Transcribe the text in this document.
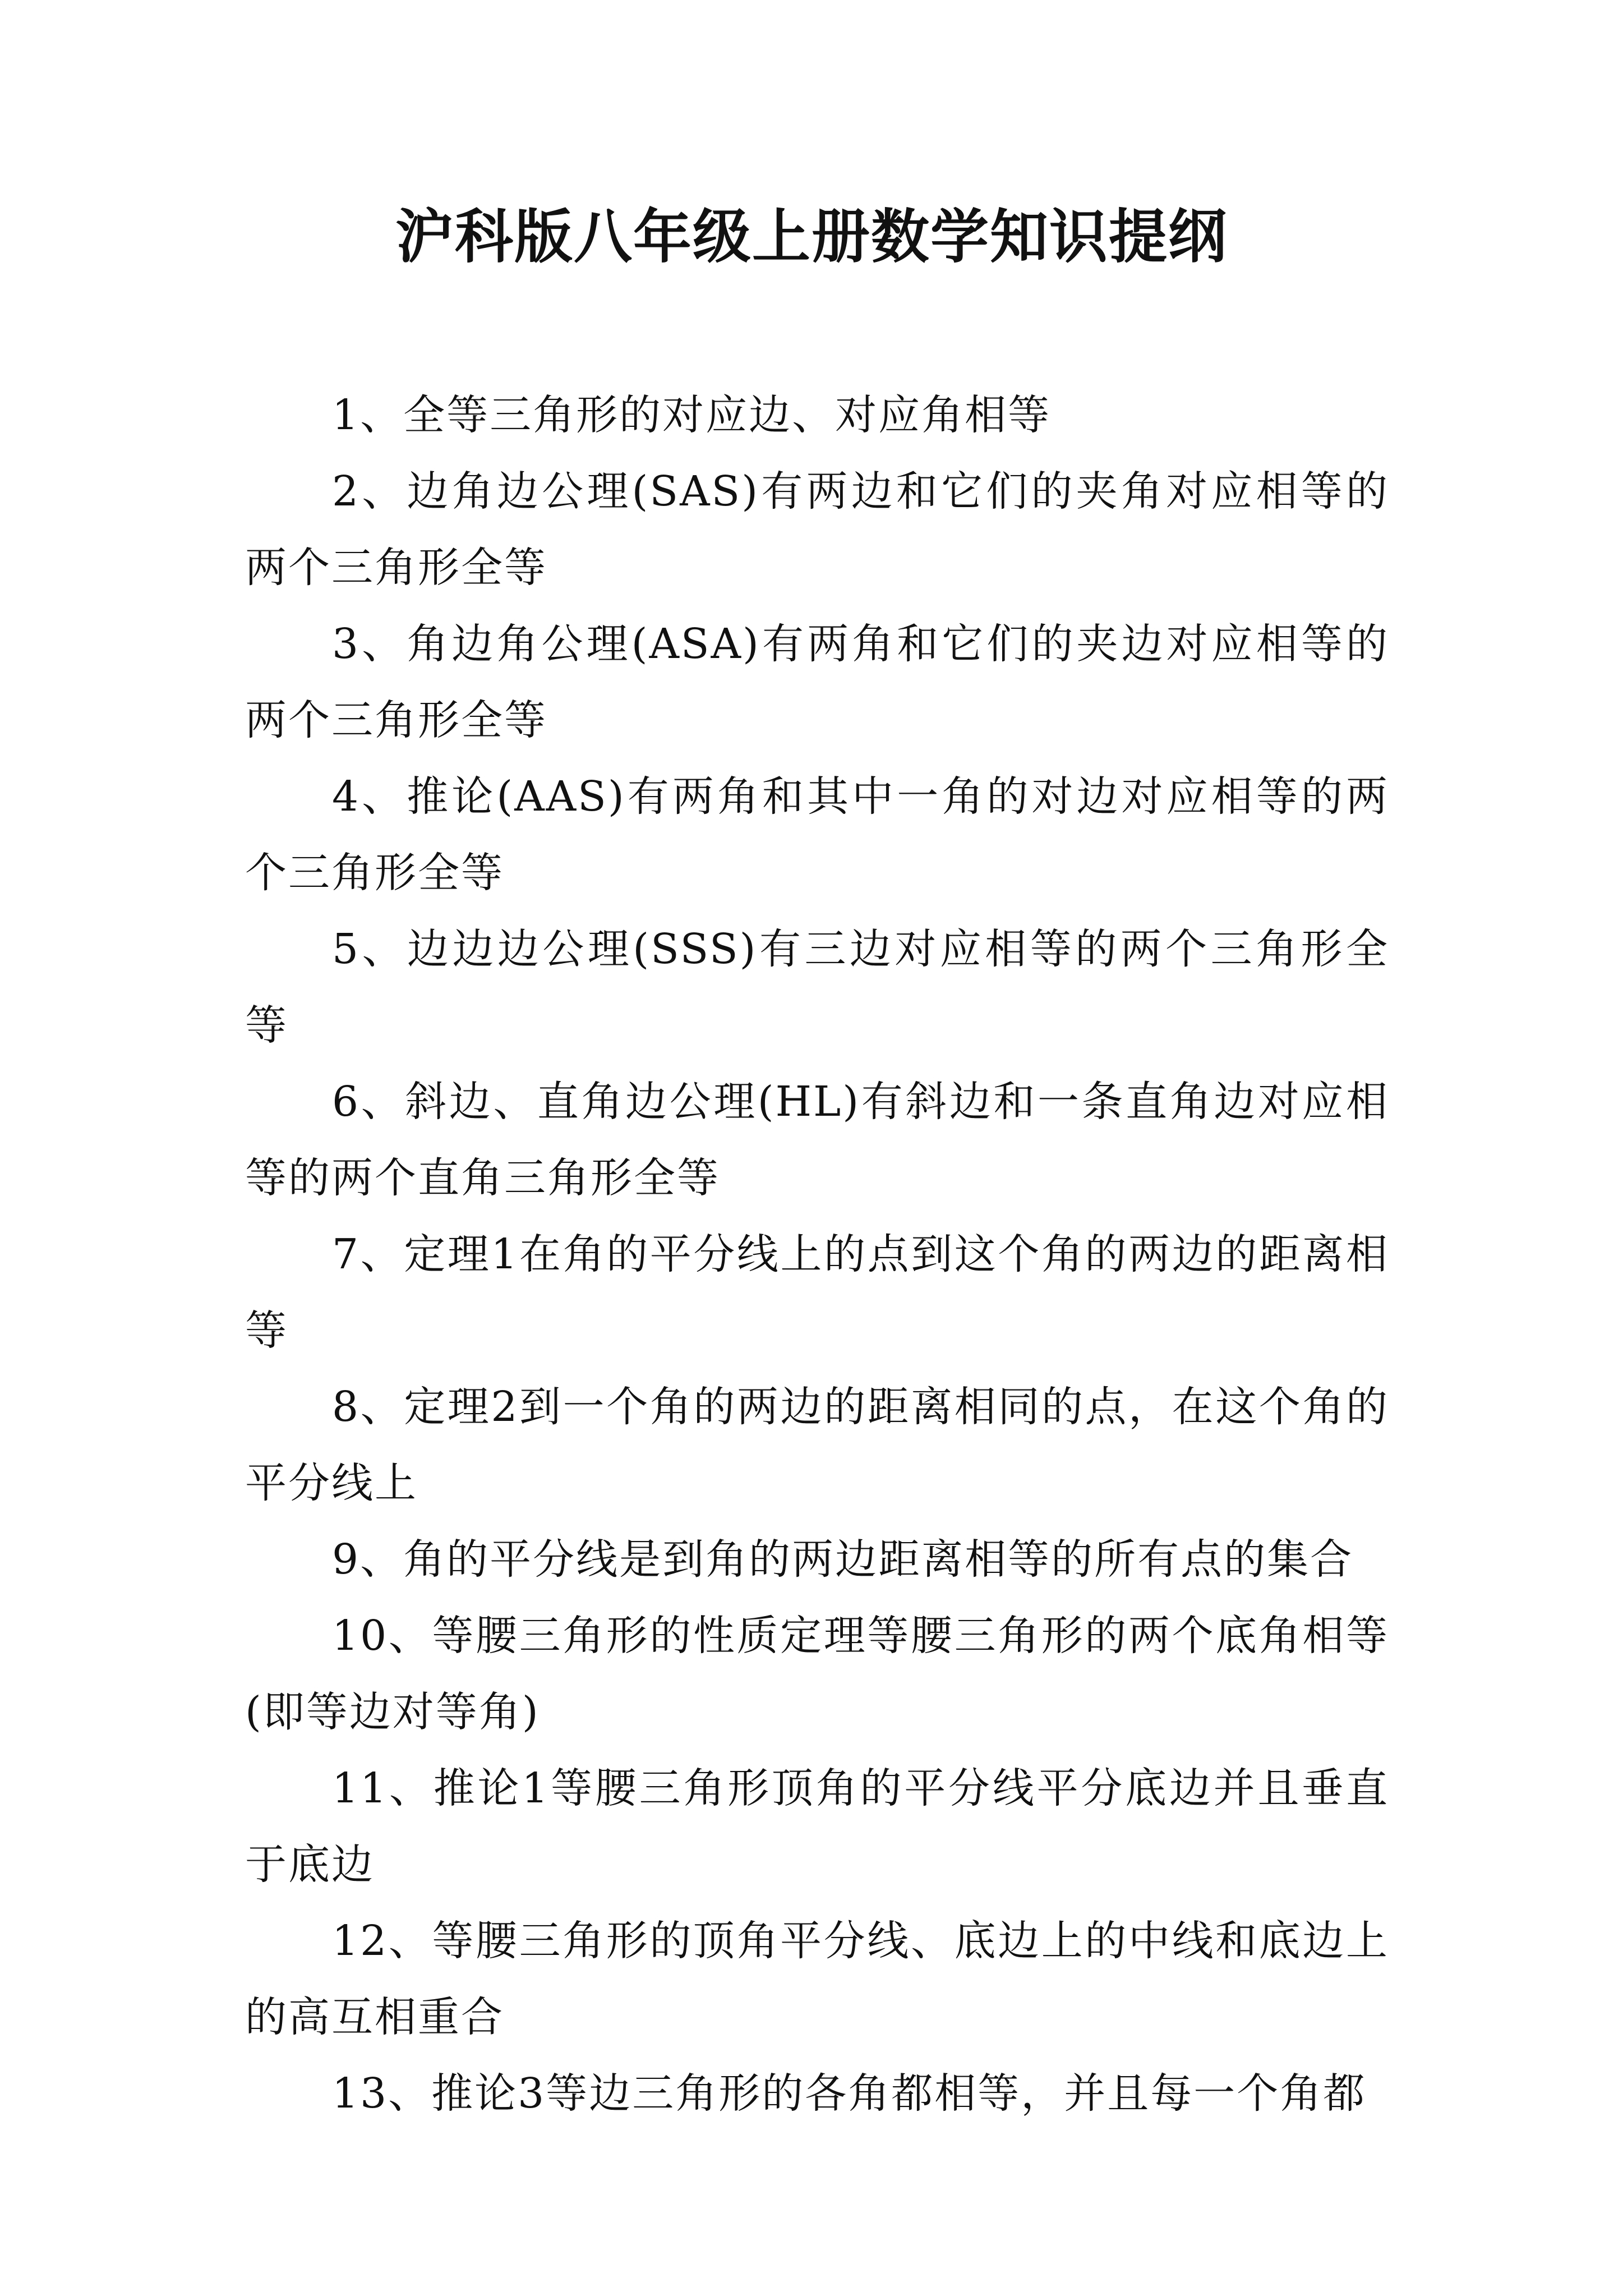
沪科版八年级上册数学知识提纲

1、全等三角形的对应边、对应角相等

2、边角边公理(SAS)有两边和它们的夹角对应相等的两个三角形全等

3、角边角公理(ASA)有两角和它们的夹边对应相等的两个三角形全等

4、推论(AAS)有两角和其中一角的对边对应相等的两个三角形全等

5、边边边公理(SSS)有三边对应相等的两个三角形全等

6、斜边、直角边公理(HL)有斜边和一条直角边对应相等的两个直角三角形全等

7、定理1在角的平分线上的点到这个角的两边的距离相等

8、定理2到一个角的两边的距离相同的点，在这个角的平分线上

9、角的平分线是到角的两边距离相等的所有点的集合

10、等腰三角形的性质定理等腰三角形的两个底角相等(即等边对等角)

11、推论1等腰三角形顶角的平分线平分底边并且垂直于底边

12、等腰三角形的顶角平分线、底边上的中线和底边上的高互相重合

13、推论3等边三角形的各角都相等，并且每一个角都
